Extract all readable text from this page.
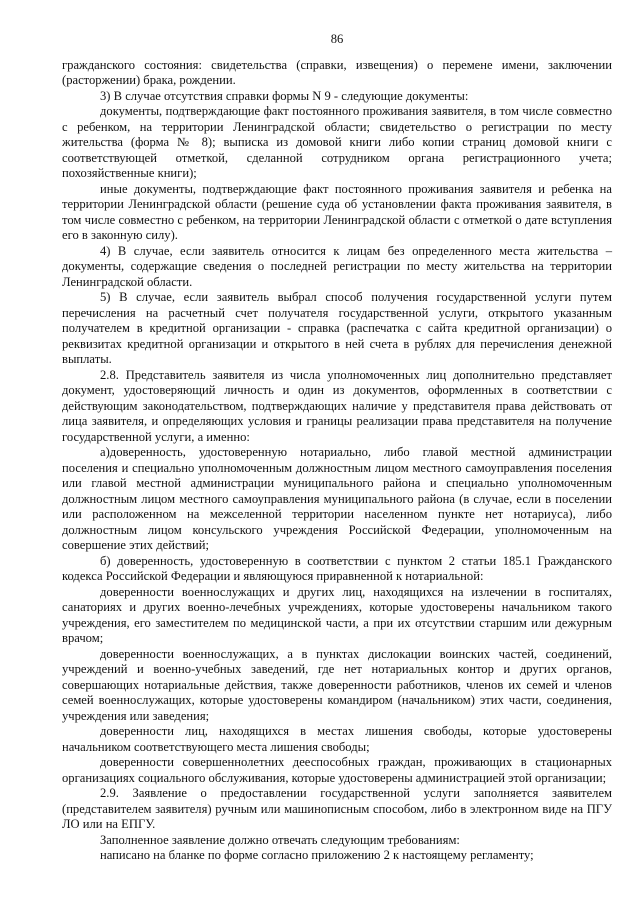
86

гражданского состояния: свидетельства (справки, извещения) о перемене имени, заключении (расторжении) брака, рождении.

3) В случае отсутствия справки формы N 9 - следующие документы:

документы, подтверждающие факт постоянного проживания заявителя, в том числе совместно с ребенком, на территории Ленинградской области; свидетельство о регистрации по месту жительства (форма № 8); выписка из домовой книги либо копии страниц домовой книги с соответствующей отметкой, сделанной сотрудником органа регистрационного учета; похозяйственные книги);

иные документы, подтверждающие факт постоянного проживания заявителя и ребенка на территории Ленинградской области (решение суда об установлении факта проживания заявителя, в том числе совместно с ребенком, на территории Ленинградской области с отметкой о дате вступления его в законную силу).

4) В случае, если заявитель относится к лицам без определенного места жительства – документы, содержащие сведения о последней регистрации по месту жительства на территории Ленинградской области.

5) В случае, если заявитель выбрал способ получения государственной услуги путем перечисления на расчетный счет получателя государственной услуги, открытого указанным получателем в кредитной организации - справка (распечатка с сайта кредитной организации) о реквизитах кредитной организации и открытого в ней счета в рублях для перечисления денежной выплаты.

2.8. Представитель заявителя из числа уполномоченных лиц дополнительно представляет документ, удостоверяющий личность и один из документов, оформленных в соответствии с действующим законодательством, подтверждающих наличие у представителя права действовать от лица заявителя, и определяющих условия и границы реализации права представителя на получение государственной услуги, а именно:

а)доверенность, удостоверенную нотариально, либо главой местной администрации поселения и специально уполномоченным должностным лицом местного самоуправления поселения или главой местной администрации муниципального района и специально уполномоченным должностным лицом местного самоуправления муниципального района (в случае, если в поселении или расположенном на межселенной территории населенном пункте нет нотариуса), либо должностным лицом консульского учреждения Российской Федерации, уполномоченным на совершение этих действий;

б) доверенность, удостоверенную в соответствии с пунктом 2 статьи 185.1 Гражданского кодекса Российской Федерации и являющуюся приравненной к нотариальной:

доверенности военнослужащих и других лиц, находящихся на излечении в госпиталях, санаториях и других военно-лечебных учреждениях, которые удостоверены начальником такого учреждения, его заместителем по медицинской части, а при их отсутствии старшим или дежурным врачом;

доверенности военнослужащих, а в пунктах дислокации воинских частей, соединений, учреждений и военно-учебных заведений, где нет нотариальных контор и других органов, совершающих нотариальные действия, также доверенности работников, членов их семей и членов семей военнослужащих, которые удостоверены командиром (начальником) этих части, соединения, учреждения или заведения;

доверенности лиц, находящихся в местах лишения свободы, которые удостоверены начальником соответствующего места лишения свободы;

доверенности совершеннолетних дееспособных граждан, проживающих в стационарных организациях социального обслуживания, которые удостоверены администрацией этой организации;

2.9. Заявление о предоставлении государственной услуги заполняется заявителем (представителем заявителя) ручным или машинописным способом, либо в электронном виде на ПГУ ЛО или на ЕПГУ.

Заполненное заявление должно отвечать следующим требованиям:

написано на бланке по форме согласно приложению 2 к настоящему регламенту;
